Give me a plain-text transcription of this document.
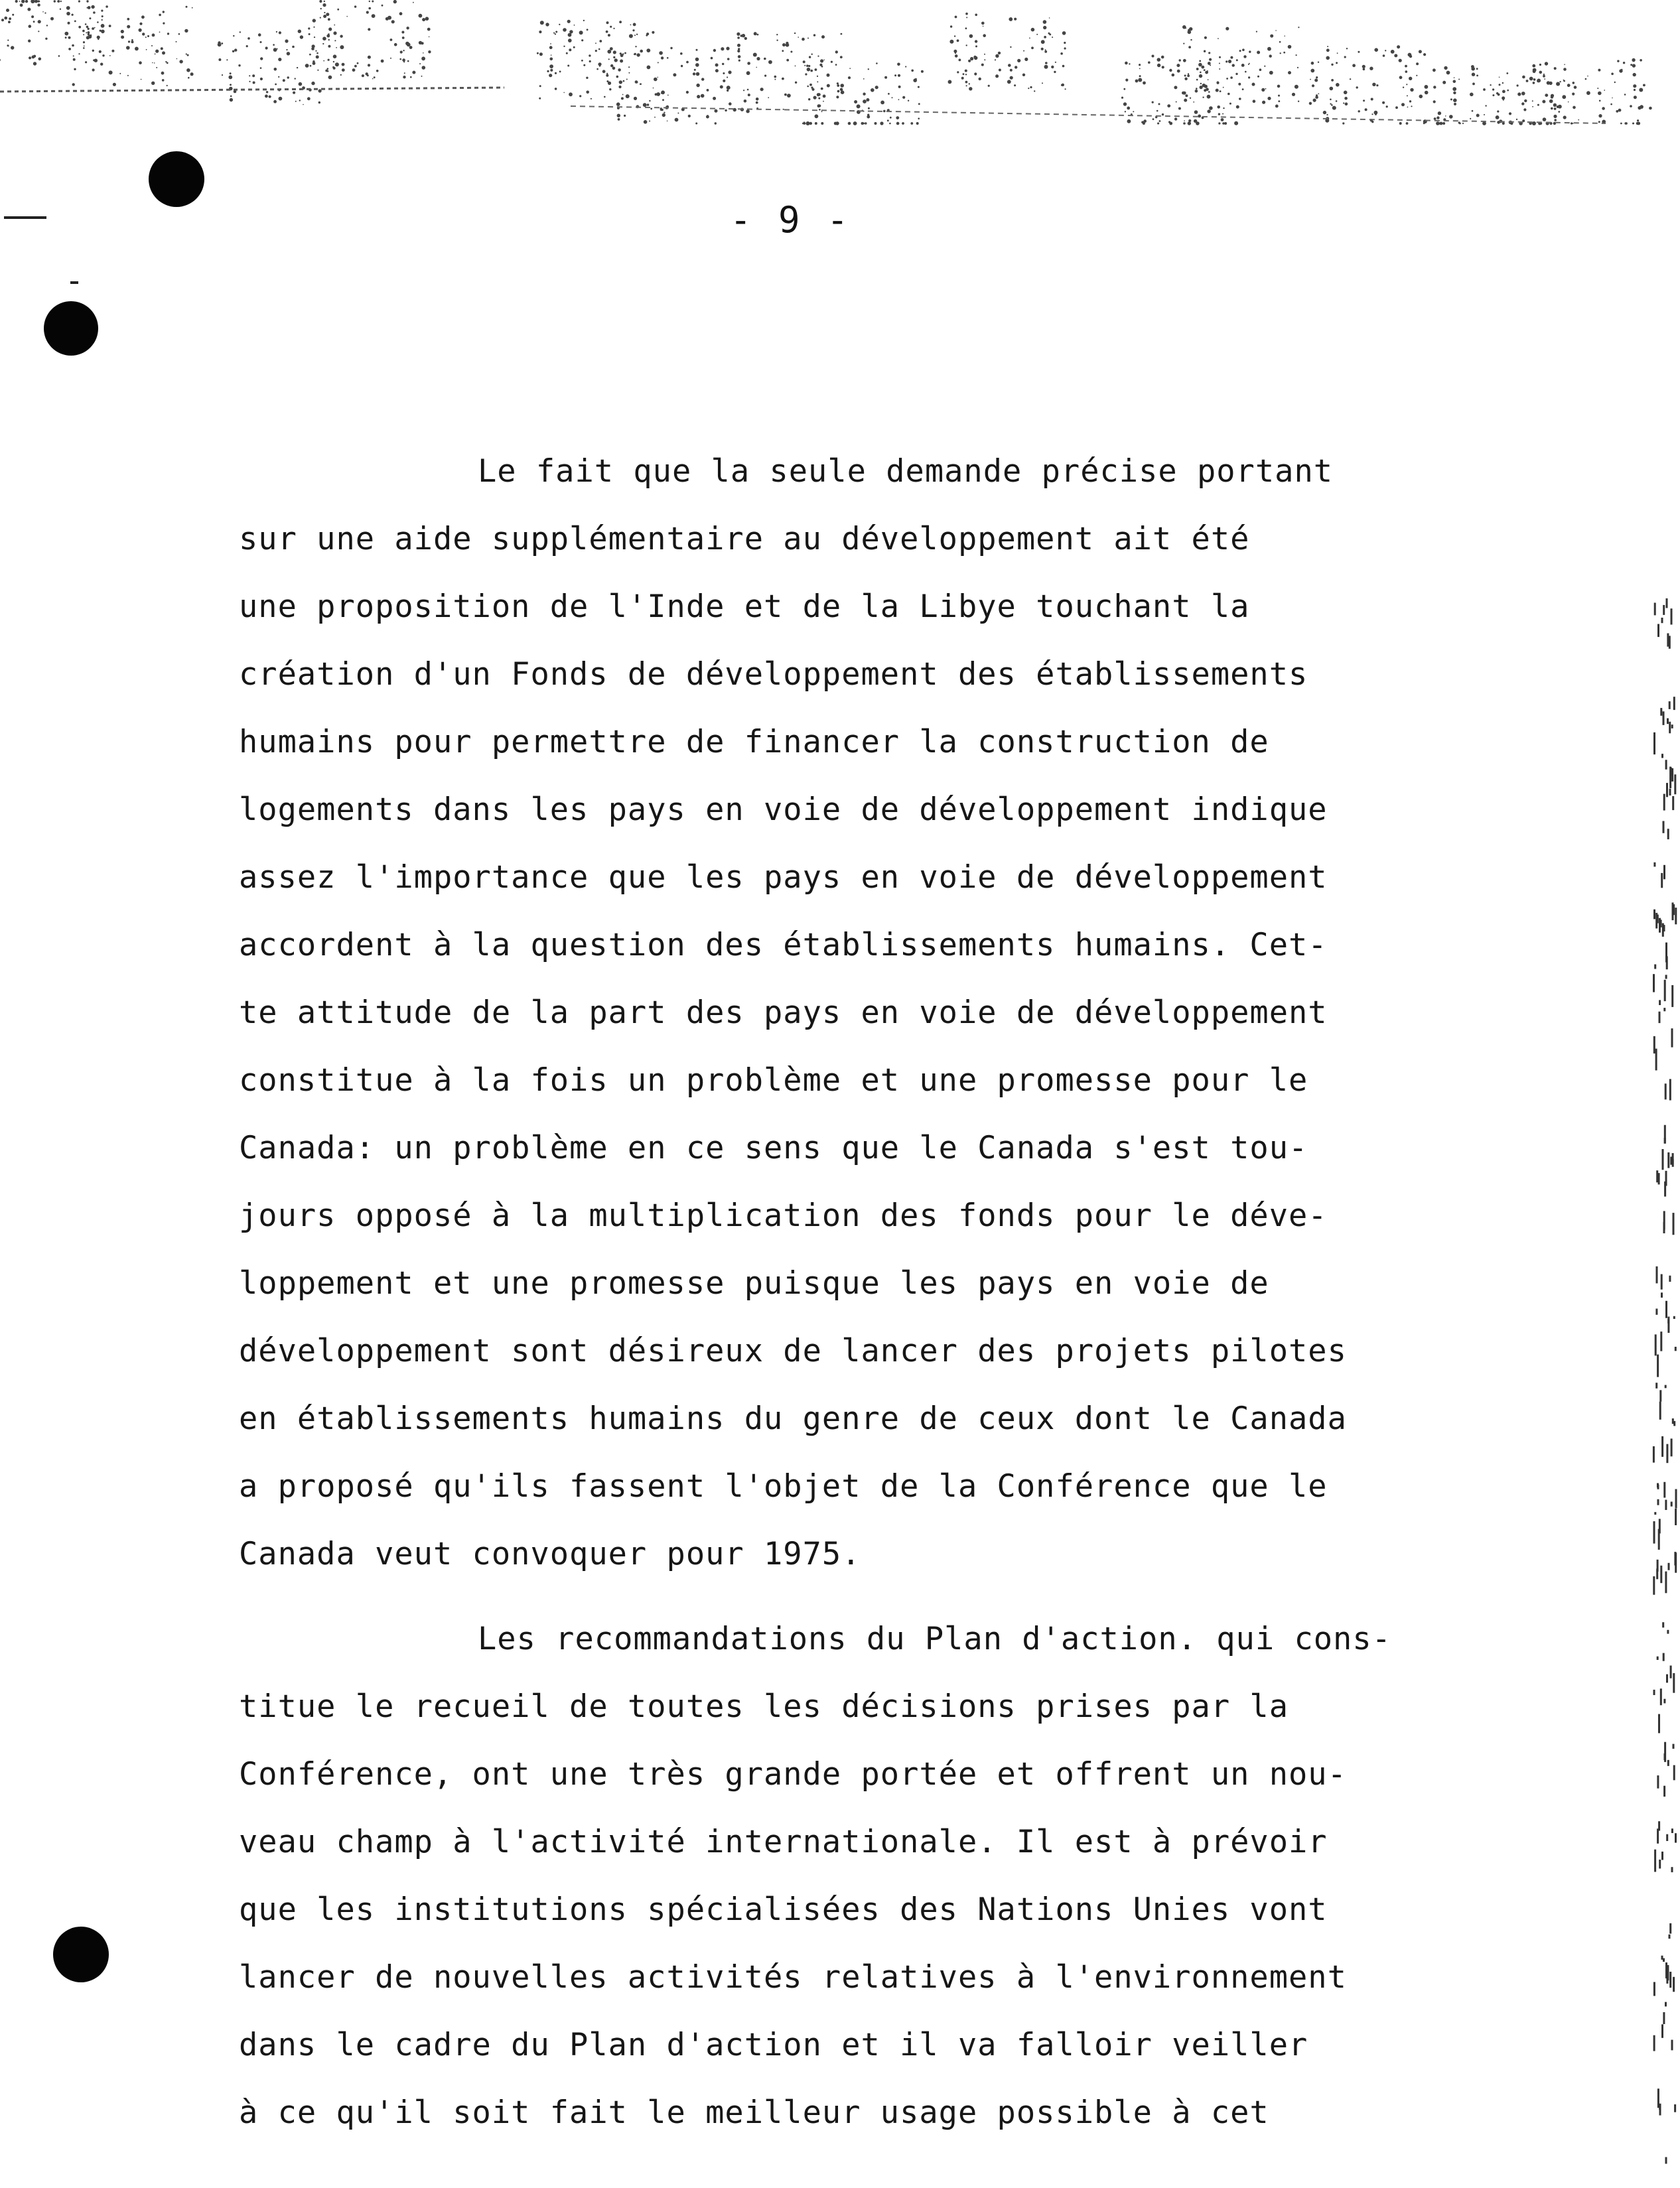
- 9 -
Le fait que la seule demande précise portant
sur une aide supplémentaire au développement ait été
une proposition de l'Inde et de la Libye touchant la
création d'un Fonds de développement des établissements
humains pour permettre de financer la construction de
logements dans les pays en voie de développement indique
assez l'importance que les pays en voie de développement
accordent à la question des établissements humains. Cet-
te attitude de la part des pays en voie de développement
constitue à la fois un problème et une promesse pour le
Canada: un problème en ce sens que le Canada s'est tou-
jours opposé à la multiplication des fonds pour le déve-
loppement et une promesse puisque les pays en voie de
développement sont désireux de lancer des projets pilotes
en établissements humains du genre de ceux dont le Canada
a proposé qu'ils fassent l'objet de la Conférence que le
Canada veut convoquer pour 1975.
Les recommandations du Plan d'action. qui cons-
titue le recueil de toutes les décisions prises par la
Conférence, ont une très grande portée et offrent un nou-
veau champ à l'activité internationale. Il est à prévoir
que les institutions spécialisées des Nations Unies vont
lancer de nouvelles activités relatives à l'environnement
dans le cadre du Plan d'action et il va falloir veiller
à ce qu'il soit fait le meilleur usage possible à cet
